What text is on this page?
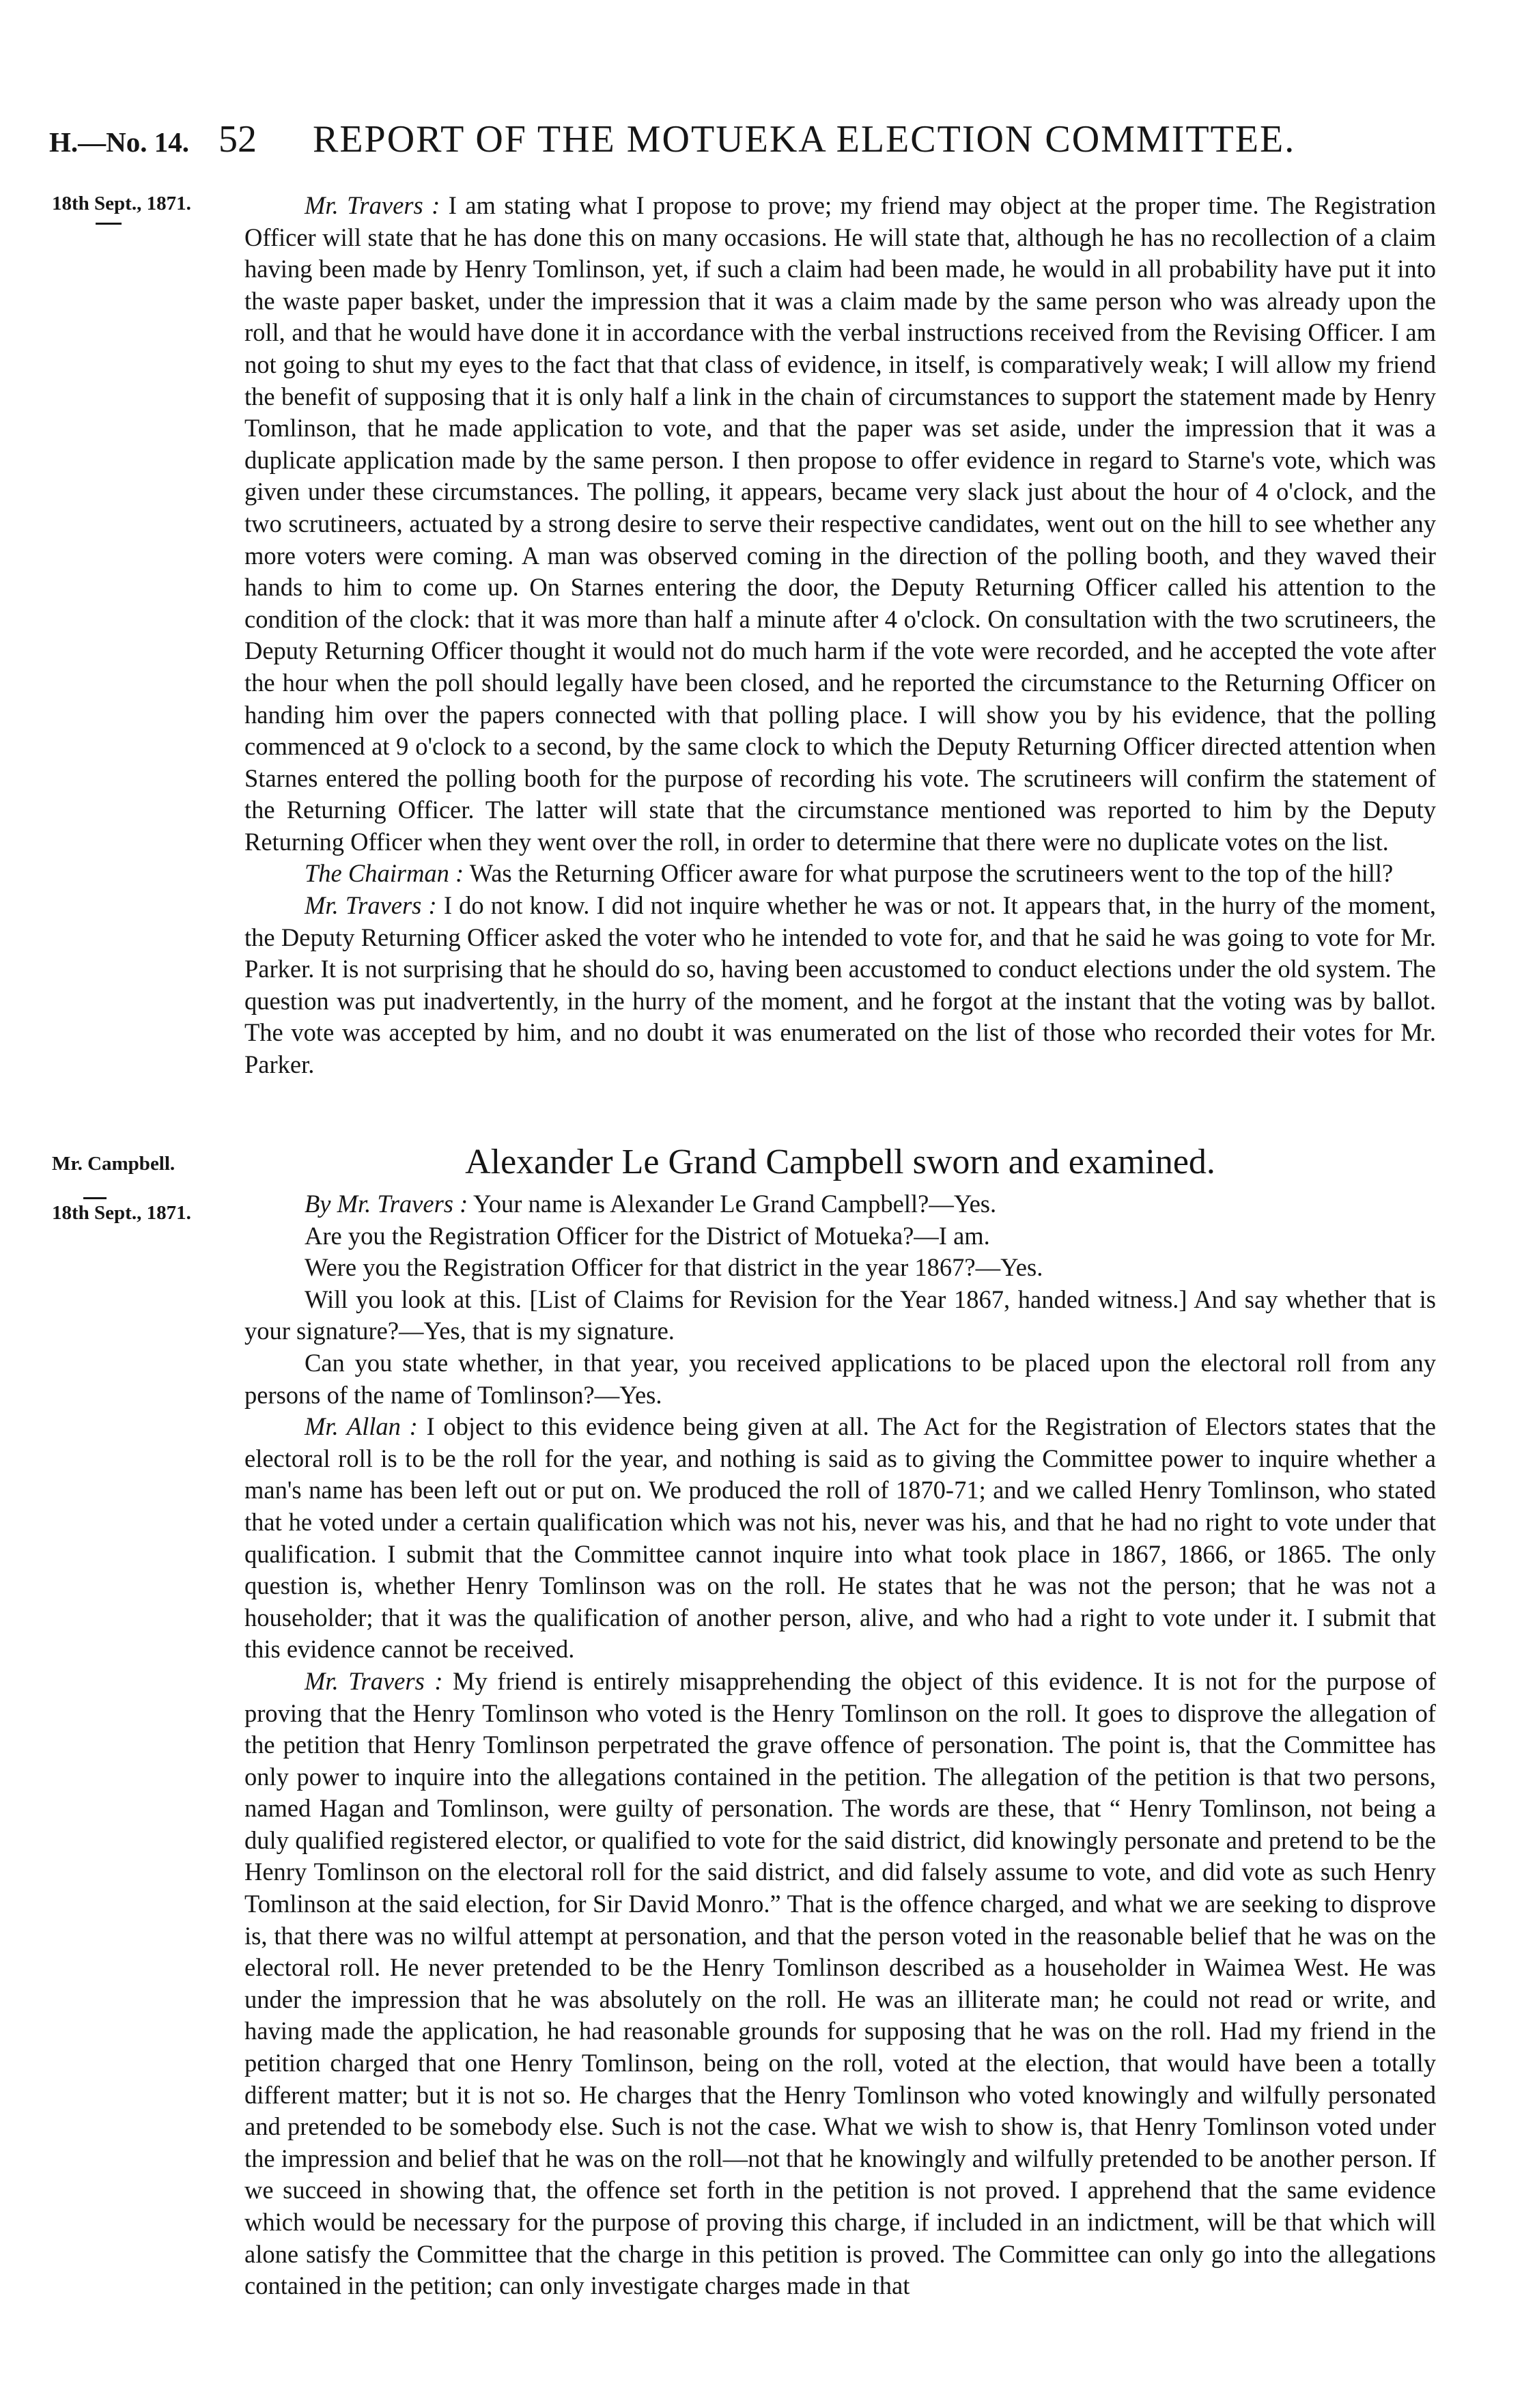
H.—No. 14. 52 REPORT OF THE MOTUEKA ELECTION COMMITTEE.
18th Sept., 1871.	Mr. Travers : I am stating what I propose to prove; my friend may object at the proper time. The Registration Officer will state that he has done this on many occasions. He will state that, although he has no recollection of a claim having been made by Henry Tomlinson, yet, if such a claim had been made, he would in all probability have put it into the waste paper basket, under the impression that it was a claim made by the same person who was already upon the roll, and that he would have done it in accordance with the verbal instructions received from the Revising Officer. I am not going to shut my eyes to the fact that that class of evidence, in itself, is comparatively weak; I will allow my friend the benefit of supposing that it is only half a link in the chain of circumstances to support the statement made by Henry Tomlinson, that he made application to vote, and that the paper was set aside, under the impression that it was a duplicate application made by the same person. I then propose to offer evidence in regard to Starne's vote, which was given under these circumstances. The polling, it appears, became very slack just about the hour of 4 o'clock, and the two scrutineers, actuated by a strong desire to serve their respective candidates, went out on the hill to see whether any more voters were coming. A man was observed coming in the direction of the polling booth, and they waved their hands to him to come up. On Starnes entering the door, the Deputy Returning Officer called his attention to the condition of the clock: that it was more than half a minute after 4 o'clock. On consultation with the two scrutineers, the Deputy Returning Officer thought it would not do much harm if the vote were recorded, and he accepted the vote after the hour when the poll should legally have been closed, and he reported the circumstance to the Returning Officer on handing him over the papers connected with that polling place. I will show you by his evidence, that the polling commenced at 9 o'clock to a second, by the same clock to which the Deputy Returning Officer directed attention when Starnes entered the polling booth for the purpose of recording his vote. The scrutineers will confirm the statement of the Returning Officer. The latter will state that the circumstance mentioned was reported to him by the Deputy Returning Officer when they went over the roll, in order to determine that there were no duplicate votes on the list.

The Chairman : Was the Returning Officer aware for what purpose the scrutineers went to the top of the hill?

Mr. Travers : I do not know. I did not inquire whether he was or not. It appears that, in the hurry of the moment, the Deputy Returning Officer asked the voter who he intended to vote for, and that he said he was going to vote for Mr. Parker. It is not surprising that he should do so, having been accustomed to conduct elections under the old system. The question was put inadvertently, in the hurry of the moment, and he forgot at the instant that the voting was by ballot. The vote was accepted by him, and no doubt it was enumerated on the list of those who recorded their votes for Mr. Parker.

Mr. Campbell.	Alexander Le Grand Campbell sworn and examined.
18th Sept., 1871.	By Mr. Travers : Your name is Alexander Le Grand Campbell?—Yes.

Are you the Registration Officer for the District of Motueka?—I am.

Were you the Registration Officer for that district in the year 1867?—Yes.

Will you look at this. [List of Claims for Revision for the Year 1867, handed witness.] And say whether that is your signature?—Yes, that is my signature.

Can you state whether, in that year, you received applications to be placed upon the electoral roll from any persons of the name of Tomlinson?—Yes.

Mr. Allan : I object to this evidence being given at all. The Act for the Registration of Electors states that the electoral roll is to be the roll for the year, and nothing is said as to giving the Committee power to inquire whether a man's name has been left out or put on. We produced the roll of 1870-71; and we called Henry Tomlinson, who stated that he voted under a certain qualification which was not his, never was his, and that he had no right to vote under that qualification. I submit that the Committee cannot inquire into what took place in 1867, 1866, or 1865. The only question is, whether Henry Tomlinson was on the roll. He states that he was not the person; that he was not a householder; that it was the qualification of another person, alive, and who had a right to vote under it. I submit that this evidence cannot be received.

Mr. Travers : My friend is entirely misapprehending the object of this evidence. It is not for the purpose of proving that the Henry Tomlinson who voted is the Henry Tomlinson on the roll. It goes to disprove the allegation of the petition that Henry Tomlinson perpetrated the grave offence of personation. The point is, that the Committee has only power to inquire into the allegations contained in the petition. The allegation of the petition is that two persons, named Hagan and Tomlinson, were guilty of personation. The words are these, that “ Henry Tomlinson, not being a duly qualified registered elector, or qualified to vote for the said district, did knowingly personate and pretend to be the Henry Tomlinson on the electoral roll for the said district, and did falsely assume to vote, and did vote as such Henry Tomlinson at the said election, for Sir David Monro.” That is the offence charged, and what we are seeking to disprove is, that there was no wilful attempt at personation, and that the person voted in the reasonable belief that he was on the electoral roll. He never pretended to be the Henry Tomlinson described as a householder in Waimea West. He was under the impression that he was absolutely on the roll. He was an illiterate man; he could not read or write, and having made the application, he had reasonable grounds for supposing that he was on the roll. Had my friend in the petition charged that one Henry Tomlinson, being on the roll, voted at the election, that would have been a totally different matter; but it is not so. He charges that the Henry Tomlinson who voted knowingly and wilfully personated and pretended to be somebody else. Such is not the case. What we wish to show is, that Henry Tomlinson voted under the impression and belief that he was on the roll—not that he knowingly and wilfully pretended to be another person. If we succeed in showing that, the offence set forth in the petition is not proved. I apprehend that the same evidence which would be necessary for the purpose of proving this charge, if included in an indictment, will be that which will alone satisfy the Committee that the charge in this petition is proved. The Committee can only go into the allegations contained in the petition; can only investigate charges made in that
